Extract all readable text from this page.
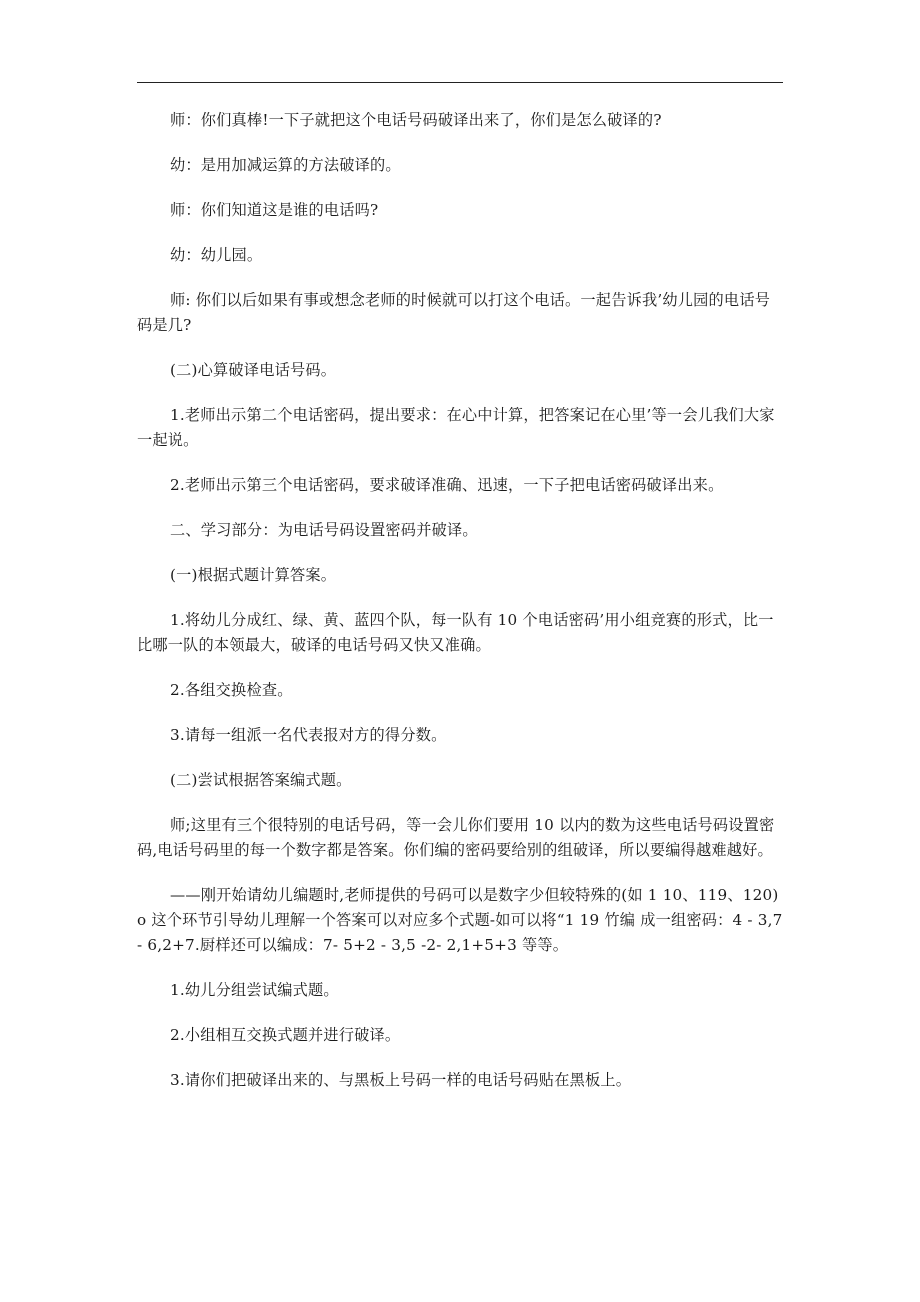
师：你们真棒!一下子就把这个电话号码破译出来了，你们是怎么破译的?

幼：是用加减运算的方法破译的。

师：你们知道这是谁的电话吗?

幼：幼儿园。

师: 你们以后如果有事或想念老师的时候就可以打这个电话。一起告诉我’幼儿园的电话号码是几?

(二)心算破译电话号码。

1.老师出示第二个电话密码，提出要求：在心中计算，把答案记在心里’等一会儿我们大家一起说。

2.老师出示第三个电话密码，要求破译准确、迅速，一下子把电话密码破译出来。

二、学习部分：为电话号码设置密码并破译。

(一)根据式题计算答案。

1.将幼儿分成红、绿、黄、蓝四个队，每一队有 10 个电话密码’用小组竞赛的形式，比一比哪一队的本领最大，破译的电话号码又快又准确。

2.各组交换检查。

3.请每一组派一名代表报对方的得分数。

(二)尝试根据答案编式题。

师;这里有三个很特别的电话号码，等一会儿你们要用 10 以内的数为这些电话号码设置密码,电话号码里的每一个数字都是答案。你们编的密码要给别的组破译，所以要编得越难越好。

——刚开始请幼儿编题时,老师提供的号码可以是数字少但较特殊的(如 1 10、119、120)o 这个环节引导幼儿理解一个答案可以对应多个式题-如可以将“1 19 竹编 成一组密码：4 - 3,7 - 6,2+7.厨样还可以编成：7- 5+2 - 3,5 -2- 2,1+5+3 等等。

1.幼儿分组尝试编式题。

2.小组相互交换式题并进行破译。

3.请你们把破译出来的、与黑板上号码一样的电话号码贴在黑板上。
